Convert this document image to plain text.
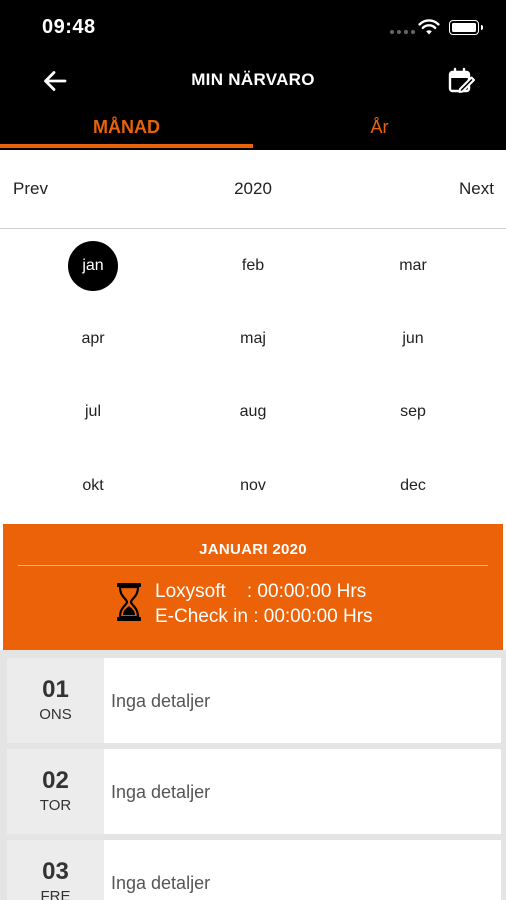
09:48
MIN NÄRVARO
MÅNAD	År
Prev	2020	Next
jan	feb	mar
apr	maj	jun
jul	aug	sep
okt	nov	dec
JANUARI 2020
Loxysoft    : 00:00:00 Hrs
E-Check in : 00:00:00 Hrs
01
ONS
Inga detaljer
02
TOR
Inga detaljer
03
FRE
Inga detaljer
